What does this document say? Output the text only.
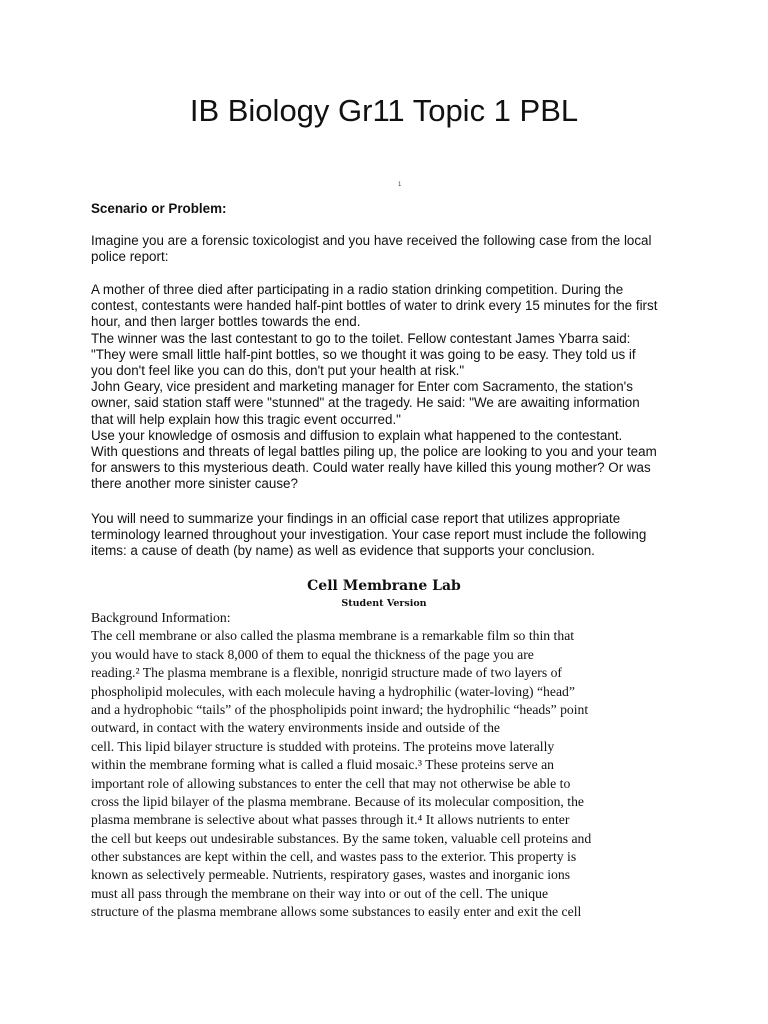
IB Biology Gr11 Topic 1 PBL
1
Scenario or Problem:
Imagine you are a forensic toxicologist and you have received the following case from the local
police report:
A mother of three died after participating in a radio station drinking competition. During the
contest, contestants were handed half-pint bottles of water to drink every 15 minutes for the first
hour, and then larger bottles towards the end.
The winner was the last contestant to go to the toilet. Fellow contestant James Ybarra said:
"They were small little half-pint bottles, so we thought it was going to be easy. They told us if
you don't feel like you can do this, don't put your health at risk."
John Geary, vice president and marketing manager for Enter com Sacramento, the station's
owner, said station staff were "stunned" at the tragedy. He said: "We are awaiting information
that will help explain how this tragic event occurred."
Use your knowledge of osmosis and diffusion to explain what happened to the contestant.
With questions and threats of legal battles piling up, the police are looking to you and your team
for answers to this mysterious death. Could water really have killed this young mother? Or was
there another more sinister cause?
You will need to summarize your findings in an official case report that utilizes appropriate
terminology learned throughout your investigation. Your case report must include the following
items: a cause of death (by name) as well as evidence that supports your conclusion.
Cell Membrane Lab
Student Version
Background Information:
The cell membrane or also called the plasma membrane is a remarkable film so thin that
you would have to stack 8,000 of them to equal the thickness of the page you are
reading.² The plasma membrane is a flexible, nonrigid structure made of two layers of
phospholipid molecules, with each molecule having a hydrophilic (water-loving) “head”
and a hydrophobic “tails” of the phospholipids point inward; the hydrophilic “heads” point
outward, in contact with the watery environments inside and outside of the
cell. This lipid bilayer structure is studded with proteins. The proteins move laterally
within the membrane forming what is called a fluid mosaic.³ These proteins serve an
important role of allowing substances to enter the cell that may not otherwise be able to
cross the lipid bilayer of the plasma membrane. Because of its molecular composition, the
plasma membrane is selective about what passes through it.⁴ It allows nutrients to enter
the cell but keeps out undesirable substances. By the same token, valuable cell proteins and
other substances are kept within the cell, and wastes pass to the exterior. This property is
known as selectively permeable. Nutrients, respiratory gases, wastes and inorganic ions
must all pass through the membrane on their way into or out of the cell. The unique
structure of the plasma membrane allows some substances to easily enter and exit the cell
